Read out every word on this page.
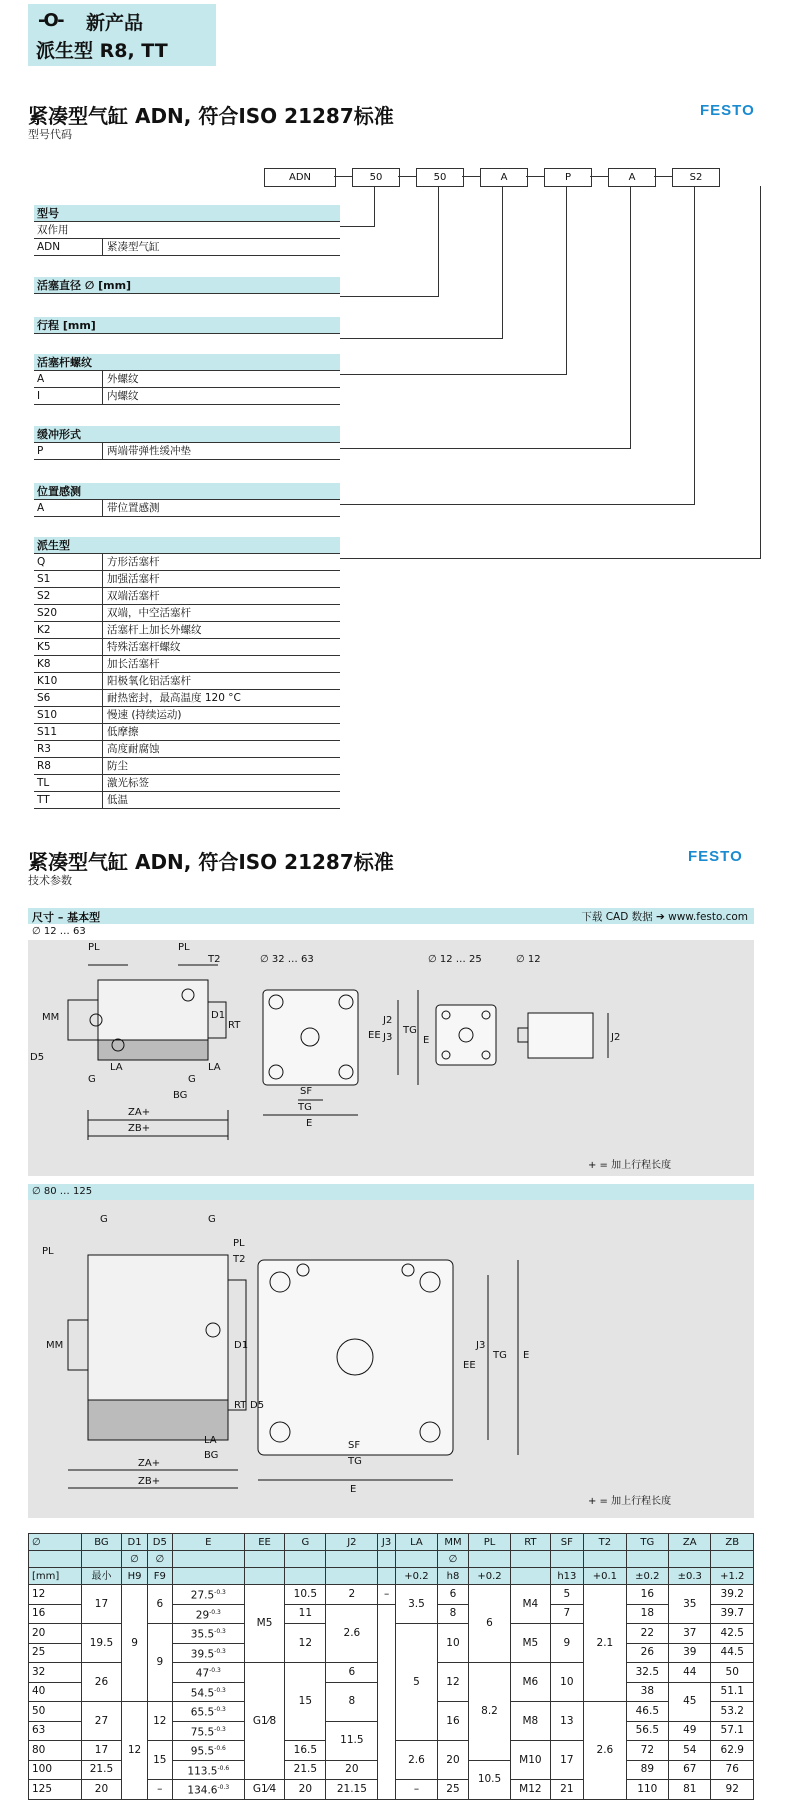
-O- 新产品
派生型 R8, TT
紧凑型气缸 ADN, 符合ISO 21287标准
型号代码
FESTO
ADN	50	50	A	P	A	S2
型号
双作用
ADN	紧凑型气缸
活塞直径 ∅ [mm]
行程 [mm]
活塞杆螺纹
A	外螺纹
I	内螺纹
缓冲形式
P	两端带弹性缓冲垫
位置感测
A	带位置感测
派生型
Q	方形活塞杆
S1	加强活塞杆
S2	双端活塞杆
S20	双端，中空活塞杆
K2	活塞杆上加长外螺纹
K5	特殊活塞杆螺纹
K8	加长活塞杆
K10	阳极氧化铝活塞杆
S6	耐热密封，最高温度 120 °C
S10	慢速 (持续运动)
S11	低摩擦
R3	高度耐腐蚀
R8	防尘
TL	激光标签
TT	低温
紧凑型气缸 ADN, 符合ISO 21287标准
技术参数
FESTO
尺寸 – 基本型	下载 CAD 数据 ➔ www.festo.com
∅ 12 … 63
PL	PL
T2
MM	D1
RT
D5
LA	LA
G	G
BG
ZA+
ZB+
∅ 32 … 63	∅ 12 … 25	∅ 12
EE
J2
J3
TG
E
SF
TG
E
J2
+ = 加上行程长度
∅ 80 … 125
PL
G	G
PL
T2
MM	D1
RT D5
LA
BG
ZA+
ZB+
EE
J3
TG E
SF
TG
E
+ = 加上行程长度
∅	BG	D1	D5	E	EE	G	J2	J3	LA	MM	PL	RT	SF	T2	TG	ZA	ZB
		∅	∅							∅							
[mm]	最小	H9	F9						+0.2	h8	+0.2		h13	+0.1	±0.2	±0.3	+1.2
12	17	9	6	$27.5^{-0.3}$	M5	10.5	2	–	3.5	6	6	M4	5	2.1	16	35	39.2
16				$29^{-0.3}$		11	2.6			8			7		18		39.7
20	19.5		9	$35.5^{-0.3}$		12			5	10		M5	9		22	37	42.5
25				$39.5^{-0.3}$											26	39	44.5
32	26			$47^{-0.3}$	G1⁄8	15	6			12	8.2	M6	10		32.5	44	50
40				$54.5^{-0.3}$			8								38	45	51.1
50	27	12	12	$65.5^{-0.3}$						16		M8	13	2.6	46.5		53.2
63				$75.5^{-0.3}$			11.5								56.5	49	57.1
80	17		15	$95.5^{-0.6}$		16.5			2.6	20		M10	17		72	54	62.9
100	21.5			$113.5^{-0.6}$		21.5	20				10.5				89	67	76
125	20		–	$134.6^{-0.3}$	G1⁄4	20	21.15		–	25		M12	21		110	81	92
